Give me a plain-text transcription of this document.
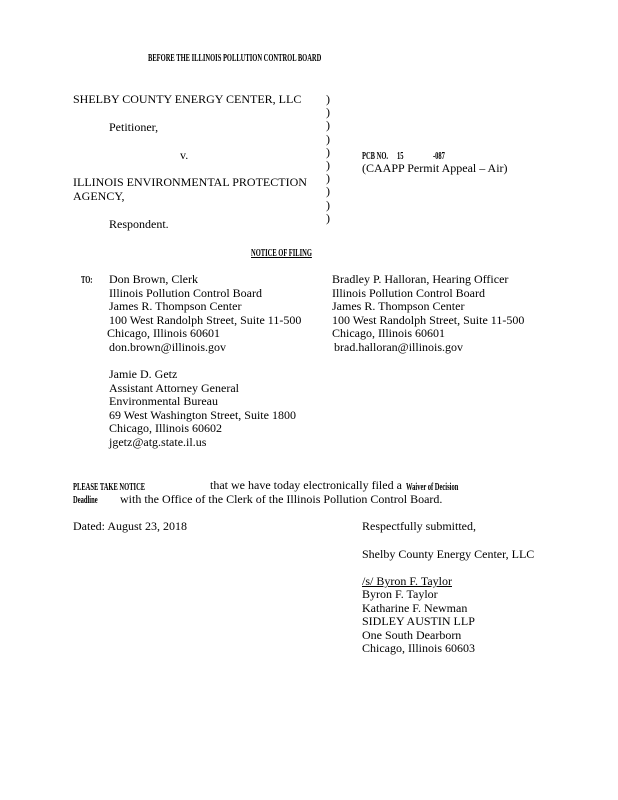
BEFORE THE ILLINOIS POLLUTION CONTROL BOARD
SHELBY COUNTY ENERGY CENTER, LLC
Petitioner,
v.
ILLINOIS ENVIRONMENTAL PROTECTION
AGENCY,
Respondent.
)
)
)
)
)
)
)
)
)
)
PCB NO. 15	-087
(CAAPP Permit Appeal – Air)
NOTICE OF FILING
TO: Don Brown, Clerk
Illinois Pollution Control Board
James R. Thompson Center
100 West Randolph Street, Suite 11-500
Chicago, Illinois 60601
don.brown@illinois.gov
Bradley P. Halloran, Hearing Officer
Illinois Pollution Control Board
James R. Thompson Center
100 West Randolph Street, Suite 11-500
Chicago, Illinois 60601
brad.halloran@illinois.gov
Jamie D. Getz
Assistant Attorney General
Environmental Bureau
69 West Washington Street, Suite 1800
Chicago, Illinois 60602
jgetz@atg.state.il.us
PLEASE TAKE NOTICE	that we have today electronically filed a Waiver of Decision
Deadline with the Office of the Clerk of the Illinois Pollution Control Board.
Dated: August 23, 2018	Respectfully submitted,
Shelby County Energy Center, LLC
/s/ Byron F. Taylor
Byron F. Taylor
Katharine F. Newman
SIDLEY AUSTIN LLP
One South Dearborn
Chicago, Illinois 60603
